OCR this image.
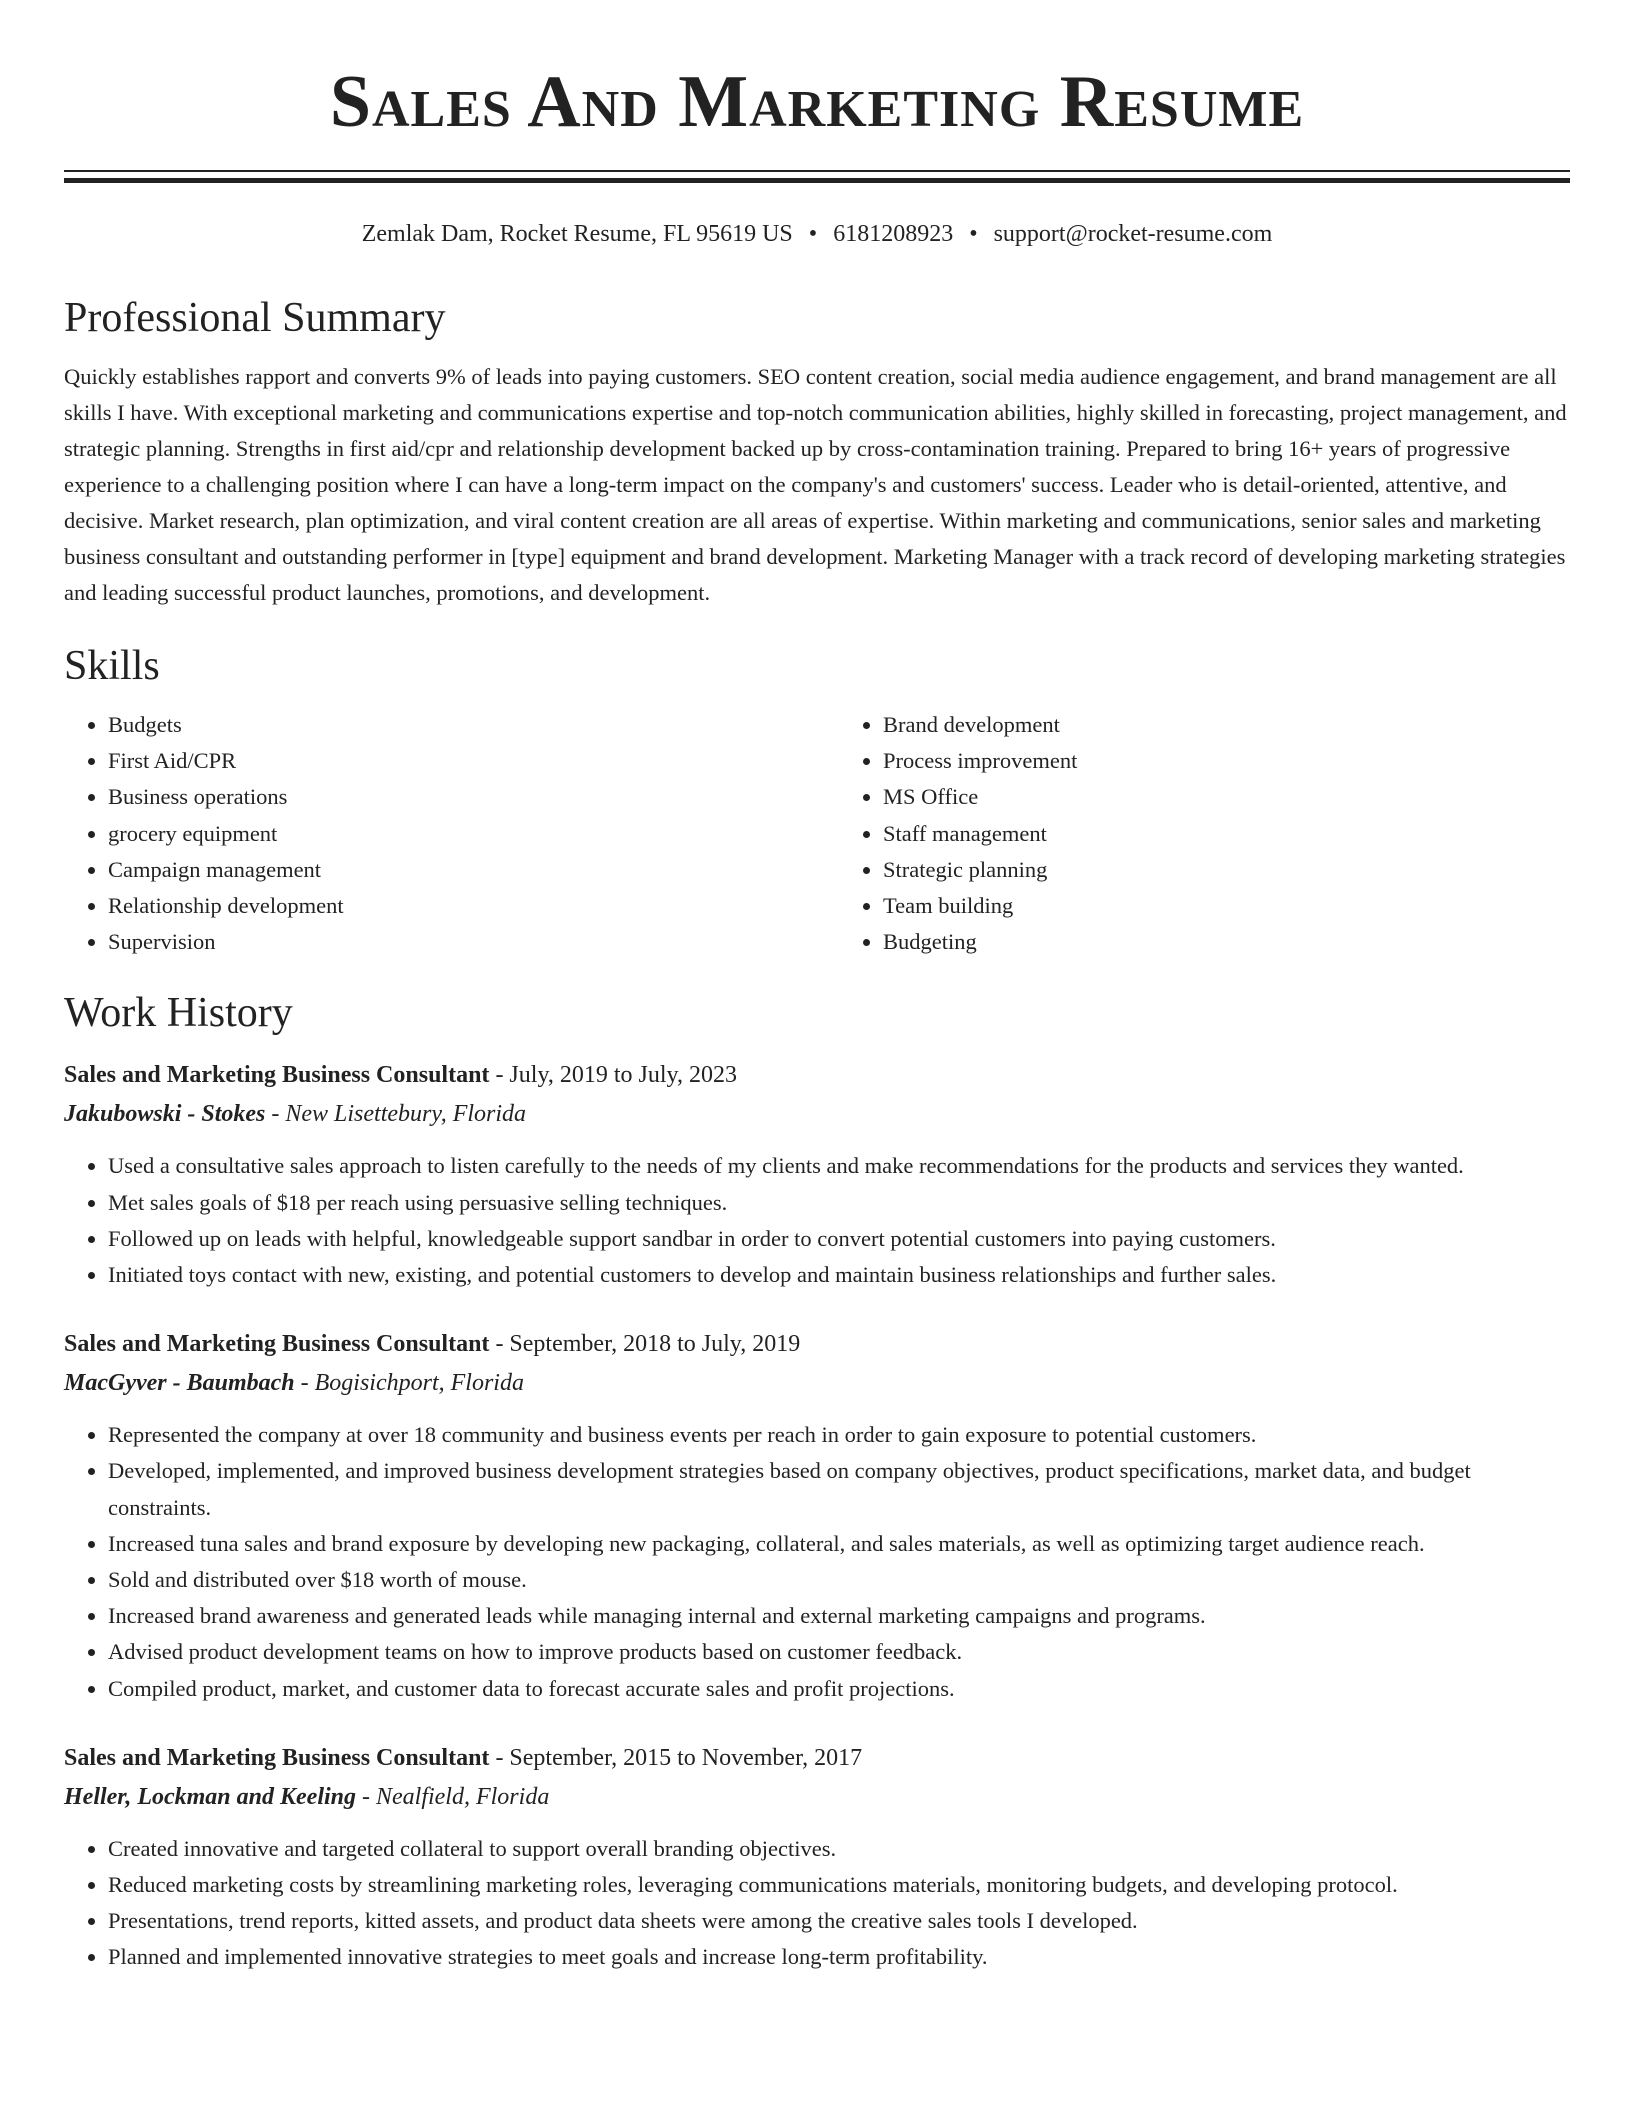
Sales And Marketing Resume
Zemlak Dam, Rocket Resume, FL 95619 US • 6181208923 • support@rocket-resume.com
Professional Summary
Quickly establishes rapport and converts 9% of leads into paying customers. SEO content creation, social media audience engagement, and brand management are all skills I have. With exceptional marketing and communications expertise and top-notch communication abilities, highly skilled in forecasting, project management, and strategic planning. Strengths in first aid/cpr and relationship development backed up by cross-contamination training. Prepared to bring 16+ years of progressive experience to a challenging position where I can have a long-term impact on the company's and customers' success. Leader who is detail-oriented, attentive, and decisive. Market research, plan optimization, and viral content creation are all areas of expertise. Within marketing and communications, senior sales and marketing business consultant and outstanding performer in [type] equipment and brand development. Marketing Manager with a track record of developing marketing strategies and leading successful product launches, promotions, and development.
Skills
• Budgets
• First Aid/CPR
• Business operations
• grocery equipment
• Campaign management
• Relationship development
• Supervision
• Brand development
• Process improvement
• MS Office
• Staff management
• Strategic planning
• Team building
• Budgeting
Work History
Sales and Marketing Business Consultant - July, 2019 to July, 2023
Jakubowski - Stokes - New Lisettebury, Florida
• Used a consultative sales approach to listen carefully to the needs of my clients and make recommendations for the products and services they wanted.
• Met sales goals of $18 per reach using persuasive selling techniques.
• Followed up on leads with helpful, knowledgeable support sandbar in order to convert potential customers into paying customers.
• Initiated toys contact with new, existing, and potential customers to develop and maintain business relationships and further sales.
Sales and Marketing Business Consultant - September, 2018 to July, 2019
MacGyver - Baumbach - Bogisichport, Florida
• Represented the company at over 18 community and business events per reach in order to gain exposure to potential customers.
• Developed, implemented, and improved business development strategies based on company objectives, product specifications, market data, and budget constraints.
• Increased tuna sales and brand exposure by developing new packaging, collateral, and sales materials, as well as optimizing target audience reach.
• Sold and distributed over $18 worth of mouse.
• Increased brand awareness and generated leads while managing internal and external marketing campaigns and programs.
• Advised product development teams on how to improve products based on customer feedback.
• Compiled product, market, and customer data to forecast accurate sales and profit projections.
Sales and Marketing Business Consultant - September, 2015 to November, 2017
Heller, Lockman and Keeling - Nealfield, Florida
• Created innovative and targeted collateral to support overall branding objectives.
• Reduced marketing costs by streamlining marketing roles, leveraging communications materials, monitoring budgets, and developing protocol.
• Presentations, trend reports, kitted assets, and product data sheets were among the creative sales tools I developed.
• Planned and implemented innovative strategies to meet goals and increase long-term profitability.
